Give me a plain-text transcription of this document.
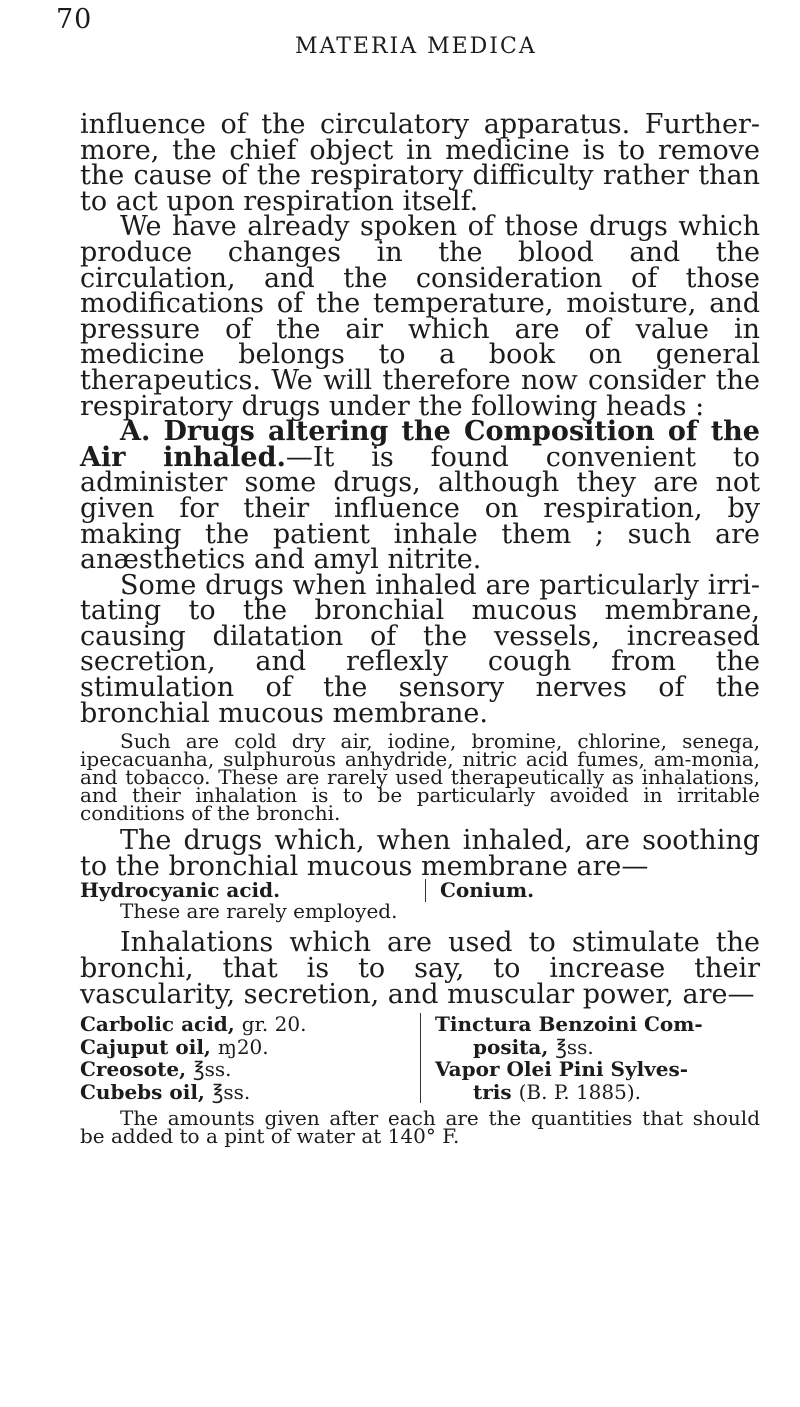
70
MATERIA MEDICA

influence of the circulatory apparatus. Further-more, the chief object in medicine is to remove the cause of the respiratory difficulty rather than to act upon respiration itself.

We have already spoken of those drugs which produce changes in the blood and the circulation, and the consideration of those modifications of the temperature, moisture, and pressure of the air which are of value in medicine belongs to a book on general therapeutics. We will therefore now consider the respiratory drugs under the following heads :

A. Drugs altering the Composition of the Air inhaled.—It is found convenient to administer some drugs, although they are not given for their influence on respiration, by making the patient inhale them ; such are anæsthetics and amyl nitrite.

Some drugs when inhaled are particularly irri-tating to the bronchial mucous membrane, causing dilatation of the vessels, increased secretion, and reflexly cough from the stimulation of the sensory nerves of the bronchial mucous membrane.

Such are cold dry air, iodine, bromine, chlorine, senega, ipecacuanha, sulphurous anhydride, nitric acid fumes, am-monia, and tobacco. These are rarely used therapeutically as inhalations, and their inhalation is to be particularly avoided in irritable conditions of the bronchi.

The drugs which, when inhaled, are soothing to the bronchial mucous membrane are—

Hydrocyanic acid.	Conium.

These are rarely employed.

Inhalations which are used to stimulate the bronchi, that is to say, to increase their vascularity, secretion, and muscular power, are—

Carbolic acid, gr. 20.
Cajuput oil, ɱ20.
Creosote, ℥ss.
Cubebs oil, ℥ss.
Tinctura Benzoini Com-
posita, ℥ss.
Vapor Olei Pini Sylves-
tris (B. P. 1885).

The amounts given after each are the quantities that should be added to a pint of water at 140° F.
